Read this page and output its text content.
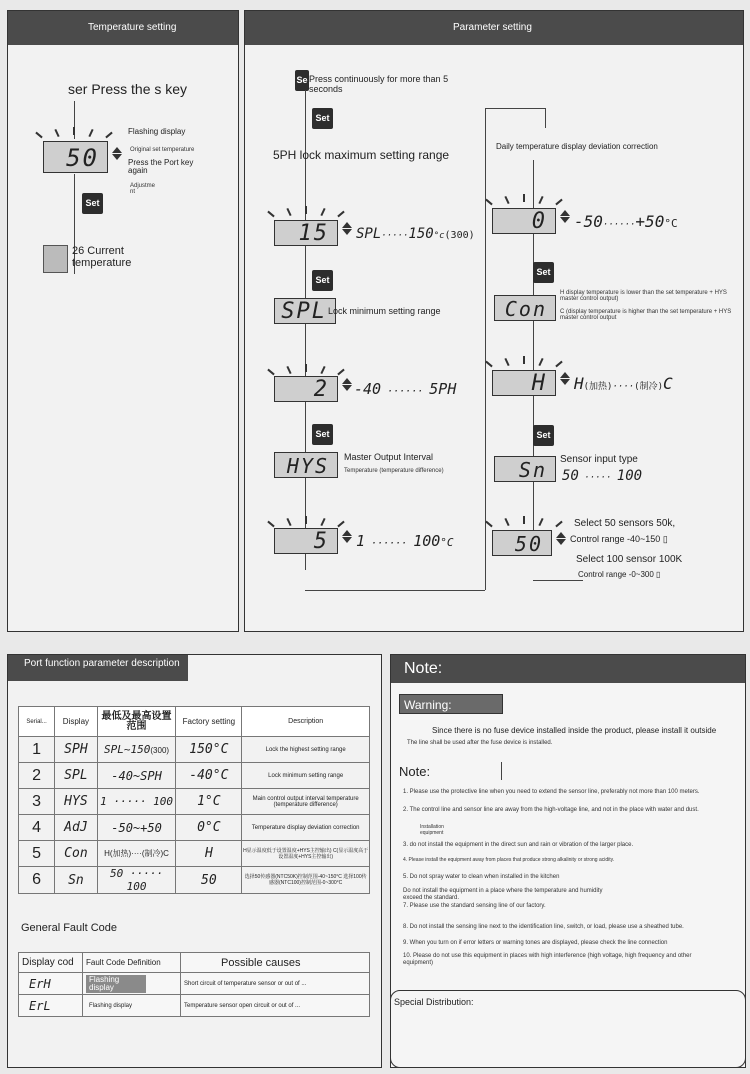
Temperature setting
ser Press the s key
50
Flashing display
Original set temperature
Press the Port key again
Adjustme nt
Set
26 Current temperature
Parameter setting
Se Press continuously for more than 5 seconds
Set
5PH lock maximum setting range
15	SPL·····150°c(300)
Set
SPL Lock minimum setting range
2	-40 ······ 5PH
Set
HYS	Master Output Interval
Temperature (temperature difference)
5	1 ······ 100°C
Daily temperature display deviation correction
0	-50······+50°C
Set
Con
H display temperature is lower than the set temperature + HYS master control output)
C (display temperature is higher than the set temperature + HYS master control output
H	H(加热)····(制冷)C
Set
Sn	Sensor input type
50 ····· 100
50
Select 50 sensors 50k,
Control range -40~150 ▯
Select 100 sensor 100K
Control range -0~300 ▯
Port function parameter description
Serial...	Display	最低及最高设置范围	Factory setting	Description
1	SPH	SPL~150(300)	150°C	Lock the highest setting range
2	SPL	-40~SPH	-40°C	Lock minimum setting range
3	HYS	1 ····· 100	1°C	Main control output interval temperature (temperature difference)
4	AdJ	-50~+50	0°C	Temperature display deviation correction
5	Con	H(加热)····(制冷)C	H	H显示温度低于设置温度+HYS主控输出) C(显示温度高于设置温度+HYS主控输出)
6	Sn	50 ····· 100	50	选择50传感器(NTC50K)控制范围-40~150°C 选择100传感器(NTC100)控制范围-0~300°C
General Fault Code
Display cod	Fault Code Definition	Possible causes
ErH	Flashing display	Short circuit of temperature sensor or out of ...
ErL	Flashing display	Temperature sensor open circuit or out of ...
Note:
Warning:
Since there is no fuse device installed inside the product, please install it outside
The line shall be used after the fuse device is installed.
Note:
1. Please use the protective line when you need to extend the sensor line, preferably not more than 100 meters.
2. The control line and sensor line are away from the high-voltage line, and not in the place with water and dust.
Installation equipment
3. do not install the equipment in the direct sun and rain or vibration of the larger place.
4. Please install the equipment away from places that produce strong alkalinity or strong acidity.
5. Do not spray water to clean when installed in the kitchen
Do not install the equipment in a place where the temperature and humidity exceed the standard.
7. Please use the standard sensing line of our factory.
8. Do not install the sensing line next to the identification line, switch, or load, please use a sheathed tube.
9. When you turn on if error letters or warning tones are displayed, please check the line connection
10. Please do not use this equipment in places with high interference (high voltage, high frequency and other equipment)
Special Distribution:
